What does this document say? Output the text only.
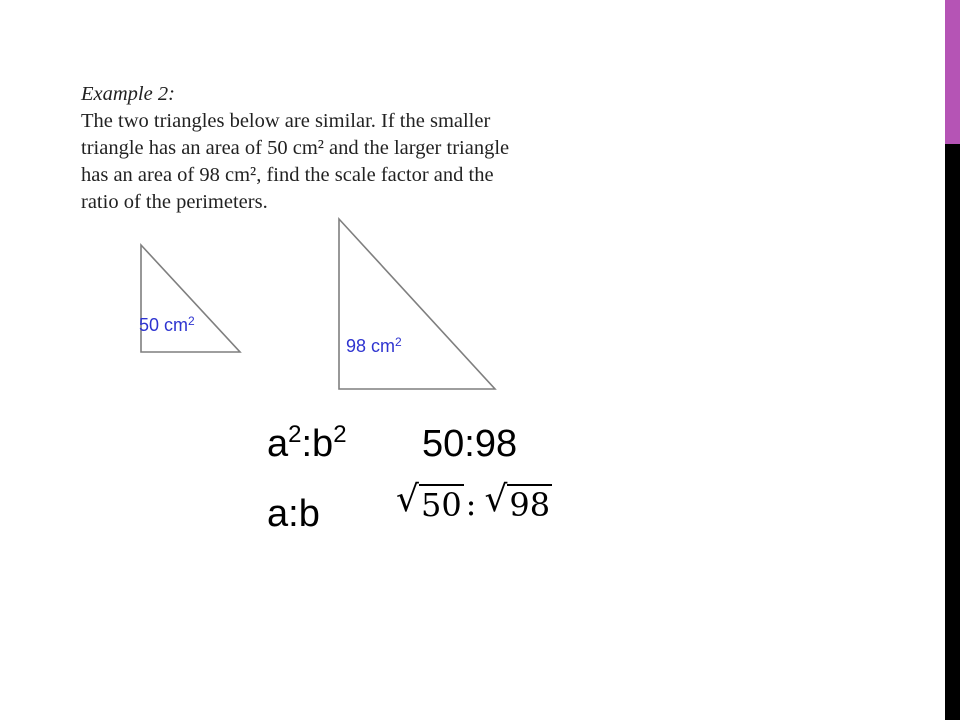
Example 2:
The two triangles below are similar. If the smaller triangle has an area of 50 cm² and the larger triangle has an area of 98 cm², find the scale factor and the ratio of the perimeters.
50 $cm^2$
98 $cm^2$
$a^2:b^2$ 50:98
a:b √50 : √98
